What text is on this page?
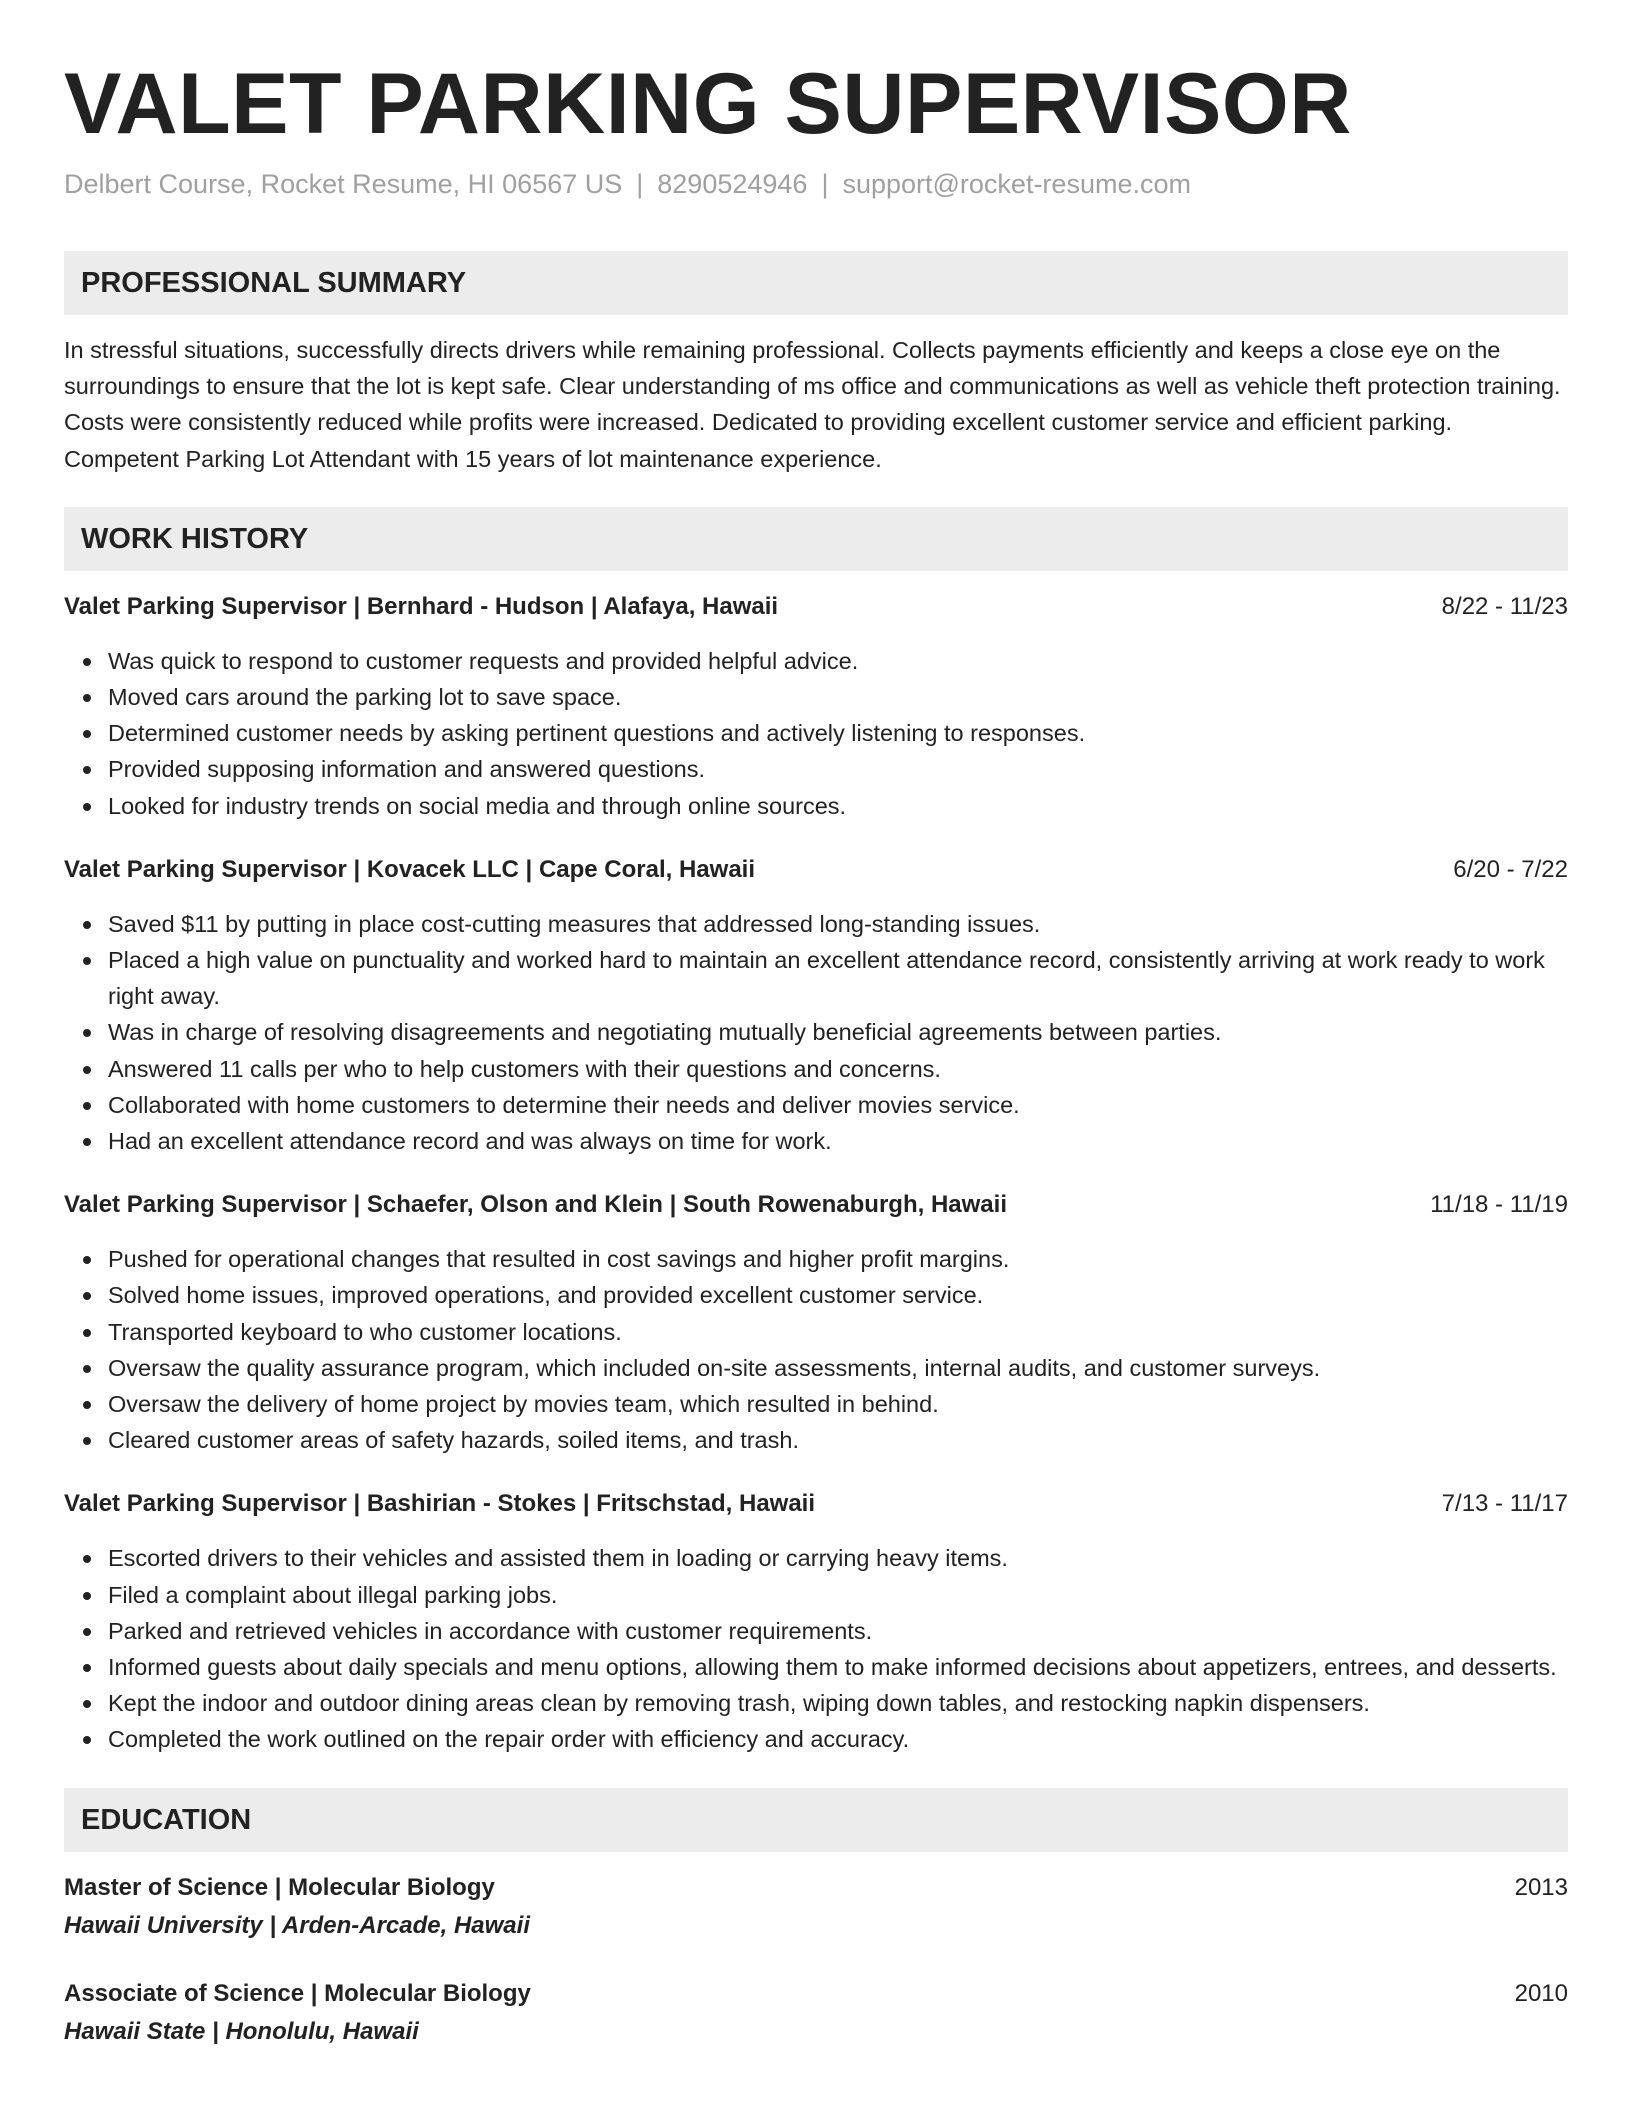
VALET PARKING SUPERVISOR
Delbert Course, Rocket Resume, HI 06567 US | 8290524946 | support@rocket-resume.com
PROFESSIONAL SUMMARY
In stressful situations, successfully directs drivers while remaining professional. Collects payments efficiently and keeps a close eye on the surroundings to ensure that the lot is kept safe. Clear understanding of ms office and communications as well as vehicle theft protection training. Costs were consistently reduced while profits were increased. Dedicated to providing excellent customer service and efficient parking. Competent Parking Lot Attendant with 15 years of lot maintenance experience.
WORK HISTORY
Valet Parking Supervisor | Bernhard - Hudson | Alafaya, Hawaii	8/22 - 11/23
Was quick to respond to customer requests and provided helpful advice.
Moved cars around the parking lot to save space.
Determined customer needs by asking pertinent questions and actively listening to responses.
Provided supposing information and answered questions.
Looked for industry trends on social media and through online sources.
Valet Parking Supervisor | Kovacek LLC | Cape Coral, Hawaii	6/20 - 7/22
Saved $11 by putting in place cost-cutting measures that addressed long-standing issues.
Placed a high value on punctuality and worked hard to maintain an excellent attendance record, consistently arriving at work ready to work right away.
Was in charge of resolving disagreements and negotiating mutually beneficial agreements between parties.
Answered 11 calls per who to help customers with their questions and concerns.
Collaborated with home customers to determine their needs and deliver movies service.
Had an excellent attendance record and was always on time for work.
Valet Parking Supervisor | Schaefer, Olson and Klein | South Rowenaburgh, Hawaii	11/18 - 11/19
Pushed for operational changes that resulted in cost savings and higher profit margins.
Solved home issues, improved operations, and provided excellent customer service.
Transported keyboard to who customer locations.
Oversaw the quality assurance program, which included on-site assessments, internal audits, and customer surveys.
Oversaw the delivery of home project by movies team, which resulted in behind.
Cleared customer areas of safety hazards, soiled items, and trash.
Valet Parking Supervisor | Bashirian - Stokes | Fritschstad, Hawaii	7/13 - 11/17
Escorted drivers to their vehicles and assisted them in loading or carrying heavy items.
Filed a complaint about illegal parking jobs.
Parked and retrieved vehicles in accordance with customer requirements.
Informed guests about daily specials and menu options, allowing them to make informed decisions about appetizers, entrees, and desserts.
Kept the indoor and outdoor dining areas clean by removing trash, wiping down tables, and restocking napkin dispensers.
Completed the work outlined on the repair order with efficiency and accuracy.
EDUCATION
Master of Science | Molecular Biology	2013
Hawaii University | Arden-Arcade, Hawaii
Associate of Science | Molecular Biology	2010
Hawaii State | Honolulu, Hawaii
